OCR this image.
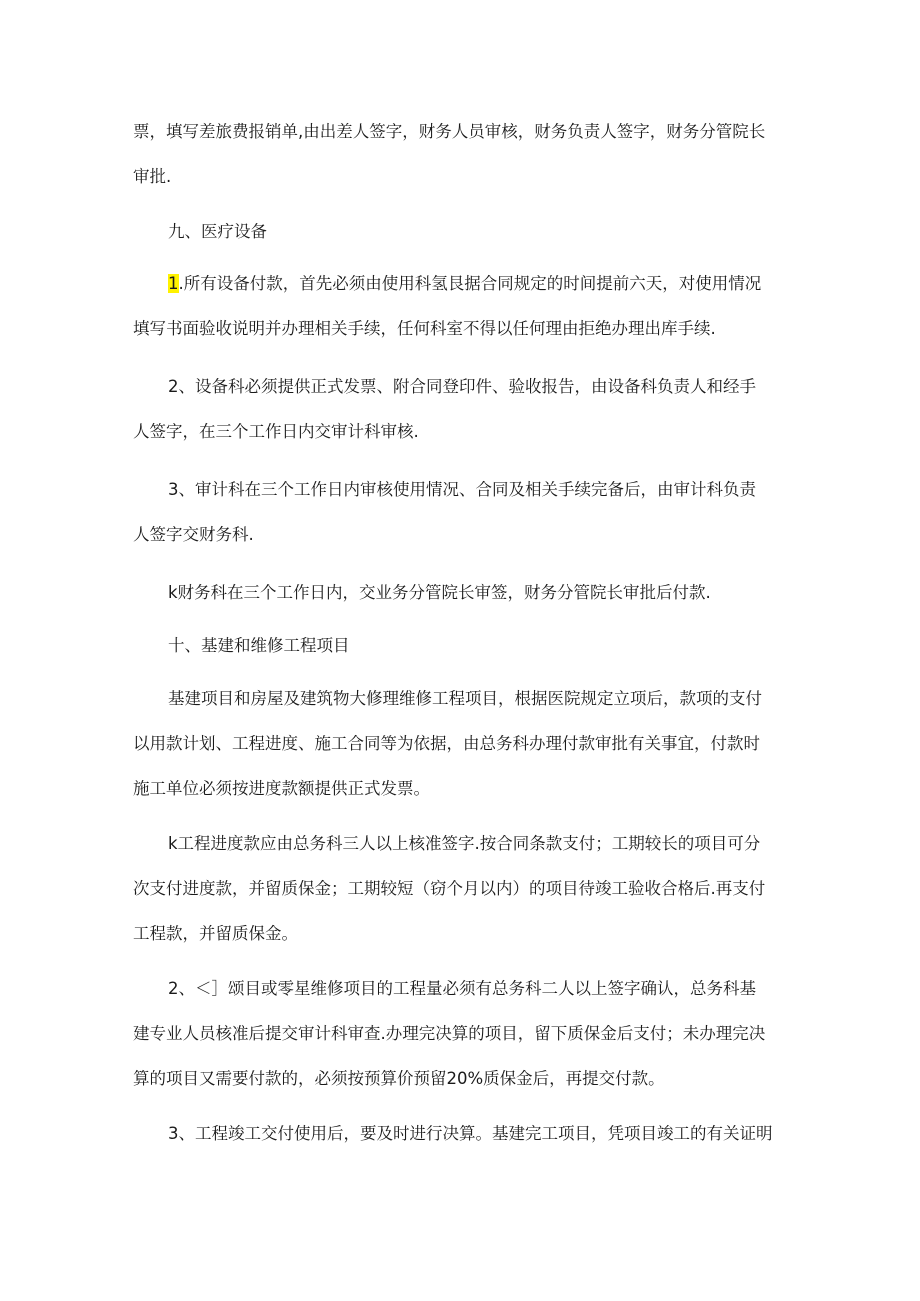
票，填写差旅费报销单,由出差人签字，财务人员审核，财务负责人签字，财务分管院长
审批.

九、医疗设备

1.所有设备付款，首先必须由使用科氢艮据合同规定的时间提前六天，对使用情况
填写书面验收说明并办理相关手续，任何科室不得以任何理由拒绝办理出库手续.

2、设备科必须提供正式发票、附合同登印件、验收报告，由设备科负责人和经手
人签字，在三个工作日内交审计科审核.

3、审计科在三个工作日内审核使用情况、合同及相关手续完备后，由审计科负责
人签字交财务科.

k财务科在三个工作日内，交业务分管院长审签，财务分管院长审批后付款.

十、基建和维修工程项目

基建项目和房屋及建筑物大修理维修工程项目，根据医院规定立项后，款项的支付
以用款计划、工程进度、施工合同等为依据，由总务科办理付款审批有关事宜，付款时
施工单位必须按进度款额提供正式发票。

k工程进度款应由总务科三人以上核准签字.按合同条款支付；工期较长的项目可分
次支付进度款，并留质保金；工期较短（窃个月以内）的项目待竣工验收合格后.再支付
工程款，并留质保金。

2、＜］颂目或零星维修项目的工程量必须有总务科二人以上签字确认，总务科基
建专业人员核准后提交审计科审查.办理完决算的项目，留下质保金后支付；未办理完决
算的项目又需要付款的，必须按预算价预留20%质保金后，再提交付款。

3、工程竣工交付使用后，要及时进行决算。基建完工项目，凭项目竣工的有关证明
